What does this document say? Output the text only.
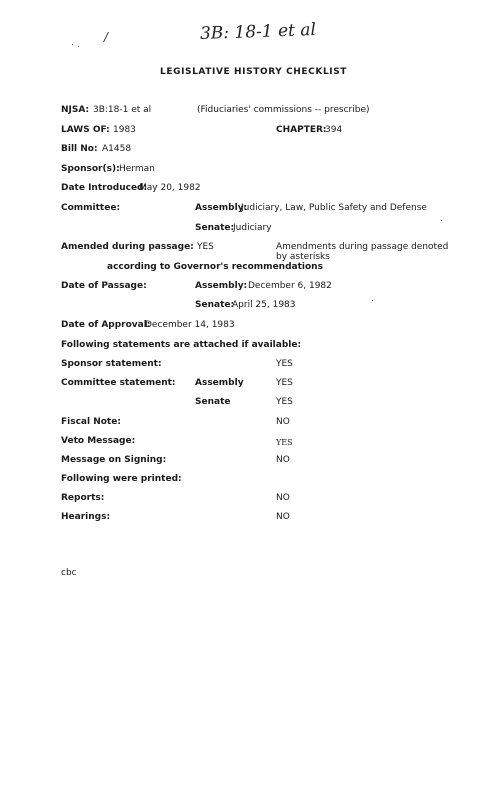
3B: 18-1 et al
/
LEGISLATIVE HISTORY CHECKLIST
NJSA: 3B:18-1 et al	(Fiduciaries' commissions -- prescribe)
LAWS OF: 1983	CHAPTER:
394
Bill No: A1458
Sponsor(s): Herman
Date Introduced:
May 20, 1982
Committee:	Assembly:
Judiciary, Law, Public Safety and Defense
Senate:
Judiciary
Amended during passage: YES	Amendments during passage denoted
by asterisks
according to Governor's recommendations
Date of Passage:	Assembly: December 6, 1982
Senate:
April 25, 1983
Date of Approval:
December 14, 1983
Following statements are attached if available:
Sponsor statement:	YES
Committee statement: Assembly	YES
Senate	YES
Fiscal Note:	NO
Veto Message:	YES
Message on Signing:	NO
Following were printed:
Reports:	NO
Hearings:	NO
cbc
